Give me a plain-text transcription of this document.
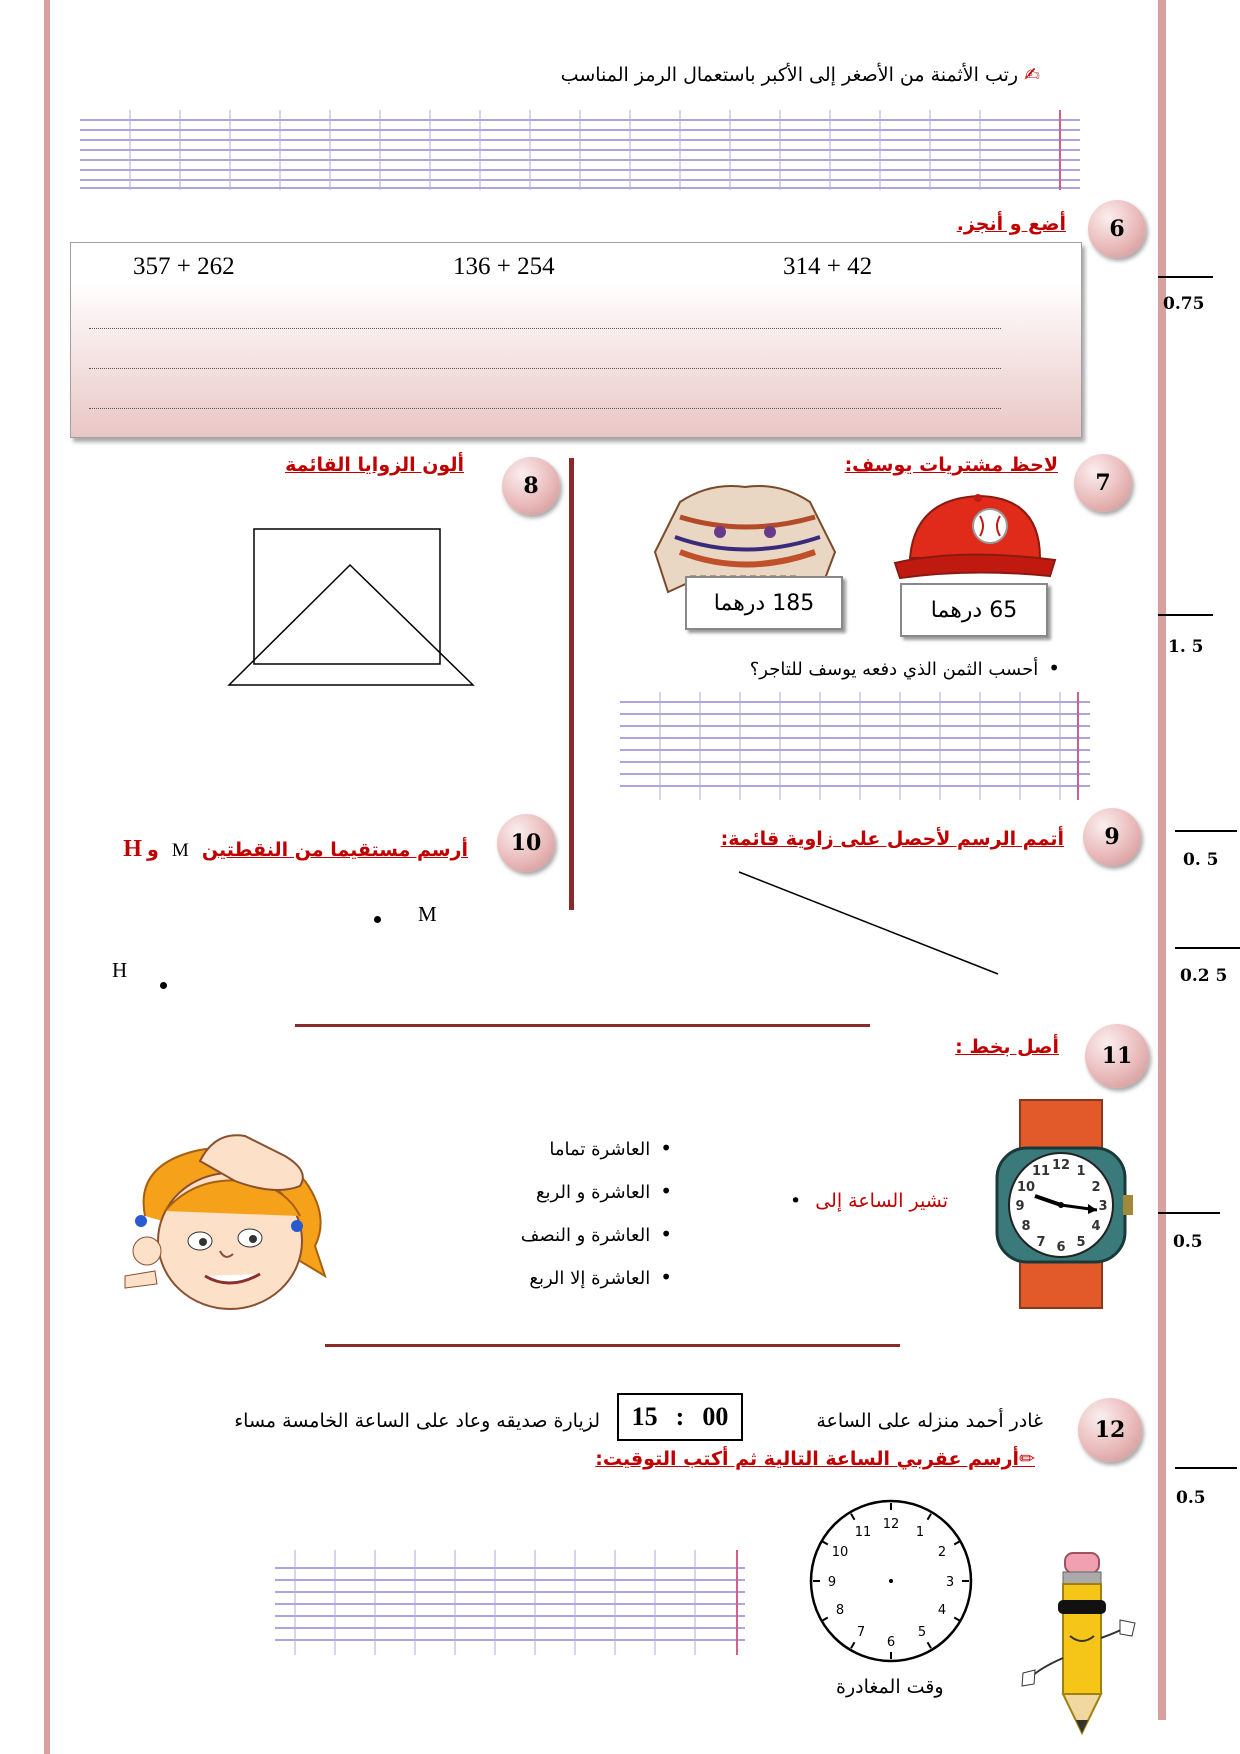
✍رتب الأثمنة من الأصغر إلى الأكبر باستعمال الرمز المناسب
6
أضع و أنجز.
357 + 262	136 + 254	314 + 42
0.75
7
لاحظ مشتريات يوسف:
185 درهما	65 درهما
• أحسب الثمن الذي دفعه يوسف للتاجر؟
1. 5
8
ألون الزوايا القائمة
9
أتمم الرسم لأحصل على زاوية قائمة:
0. 5
10
أرسم مستقيما من النقطتين M و H
M
H	0.2 5
11
أصل بخط :
12 1
2
3
4
5
6
7
8
9
10
11
تشير الساعة إلى•
• العاشرة تماما
• العاشرة و الربع
• العاشرة و النصف
• العاشرة إلا الربع
0.5
12
غادر أحمد منزله على الساعة
15 : 00
لزيارة صديقه وعاد على الساعة الخامسة مساء
✏أرسم عقربي الساعة التالية ثم أكتب التوقيت:
0.5
12
1
2
3
4
5
6
7
8
9
10
11
وقت المغادرة
